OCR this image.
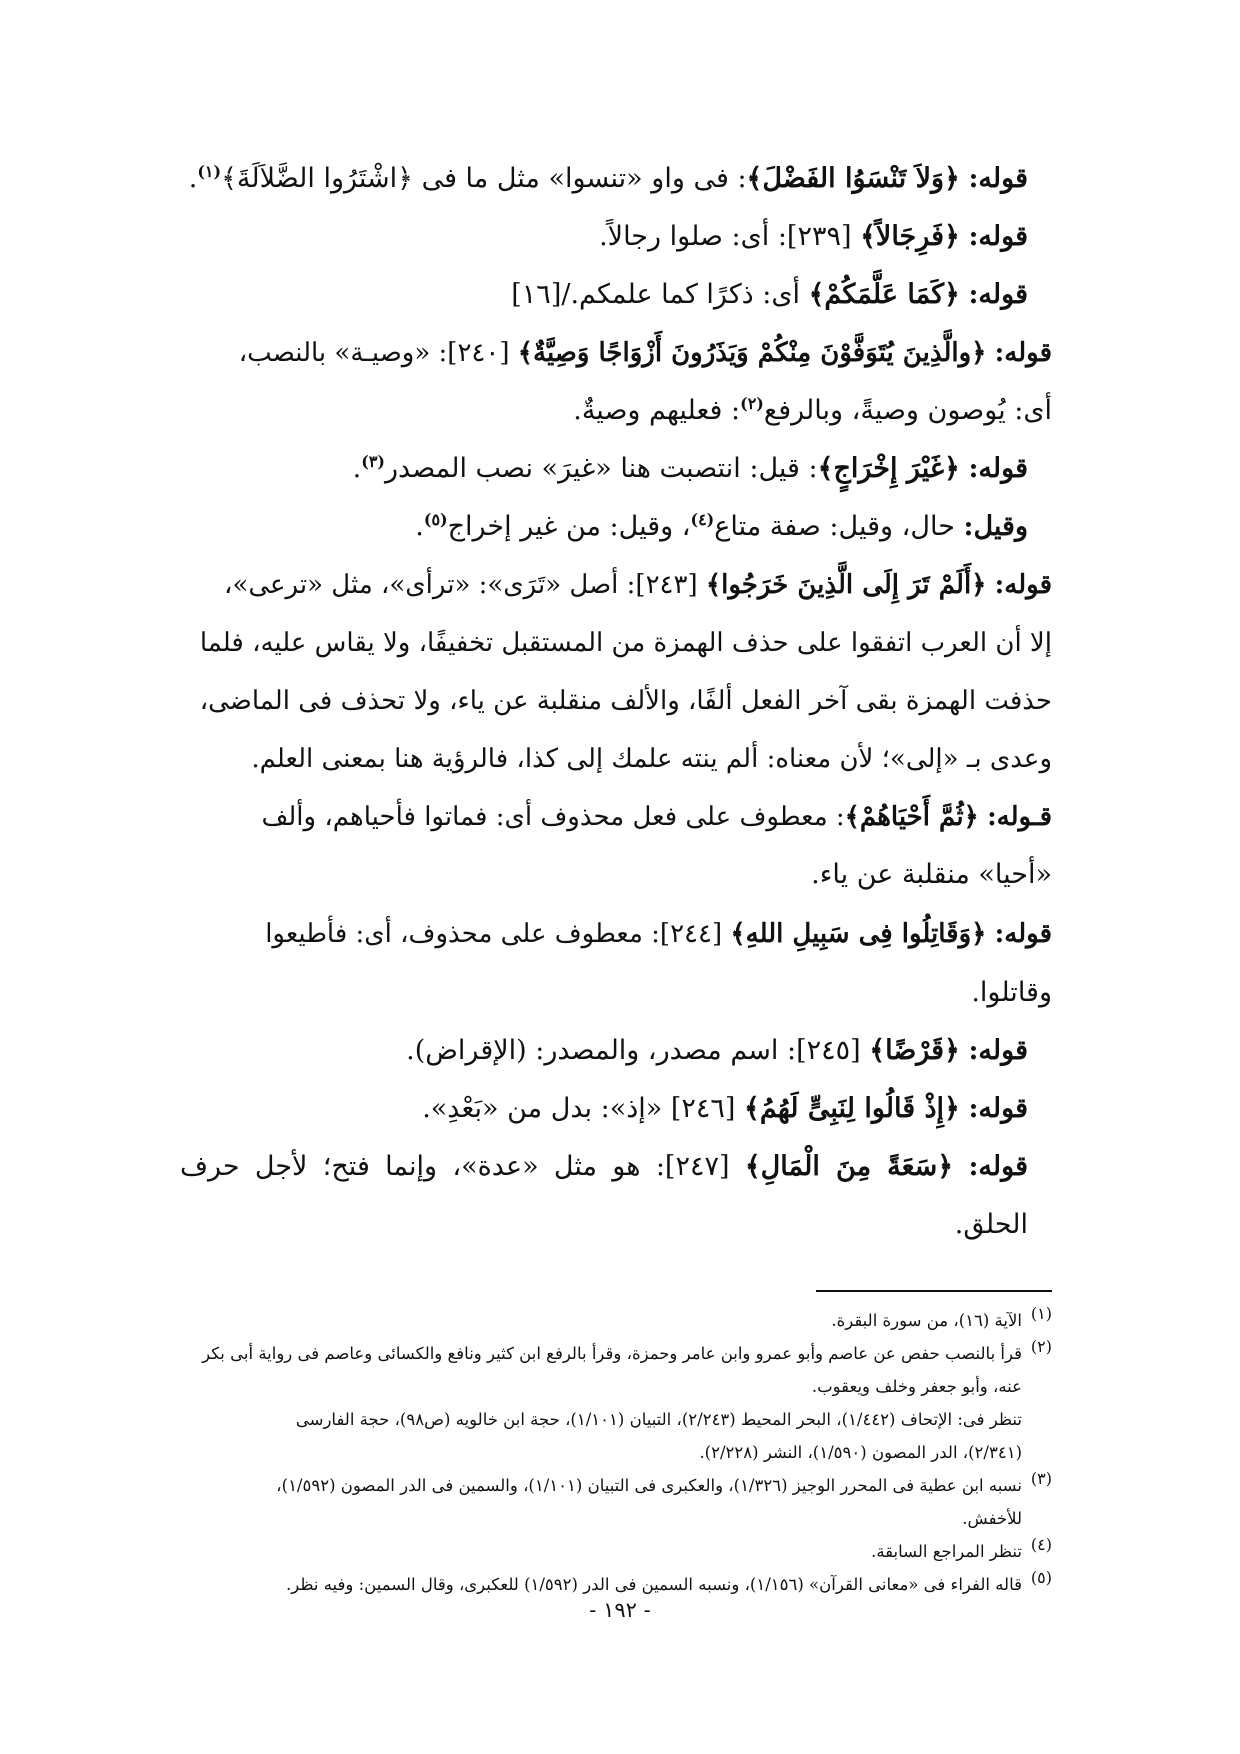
قوله: ﴿وَلاَ تَنْسَوُا الفَضْلَ﴾: فى واو «تنسوا» مثل ما فى ﴿اشْتَرُوا الضَّلاَلَةَ﴾$^{(١)}$.

قوله: ﴿فَرِجَالاً﴾ [٢٣٩]: أى: صلوا رجالاً.

قوله: ﴿كَمَا عَلَّمَكُمْ﴾ أى: ذكرًا كما علمكم./[١٦]

قوله: ﴿والَّذِينَ يُتَوَفَّوْنَ مِنْكُمْ وَيَذَرُونَ أَزْوَاجًا وَصِيَّةٌ﴾ [٢٤٠]: «وصيـة» بالنصب،

أى: يُوصون وصيةً، وبالرفع$^{(٢)}$: فعليهم وصيةٌ.

قوله: ﴿غَيْرَ إِخْرَاجٍ﴾: قيل: انتصبت هنا «غيرَ» نصب المصدر$^{(٣)}$.

وقيل: حال، وقيل: صفة متاع$^{(٤)}$، وقيل: من غير إخراج$^{(٥)}$.

قوله: ﴿أَلَمْ تَرَ إِلَى الَّذِينَ خَرَجُوا﴾ [٢٤٣]: أصل «تَرَى»: «ترأى»، مثل «ترعى»،

إلا أن العرب اتفقوا على حذف الهمزة من المستقبل تخفيفًا، ولا يقاس عليه، فلما

حذفت الهمزة بقى آخر الفعل ألفًا، والألف منقلبة عن ياء، ولا تحذف فى الماضى،

وعدى بـ «إلى»؛ لأن معناه: ألم ينته علمك إلى كذا، فالرؤية هنا بمعنى العلم.

قـوله: ﴿ثُمَّ أَحْيَاهُمْ﴾: معطوف على فعل محذوف أى: فماتوا فأحياهم، وألف

«أحيا» منقلبة عن ياء.

قوله: ﴿وَقَاتِلُوا فِى سَبِيلِ اللهِ﴾ [٢٤٤]: معطوف على محذوف، أى: فأطيعوا

وقاتلوا.

قوله: ﴿قَرْضًا﴾ [٢٤٥]: اسم مصدر، والمصدر: (الإقراض).

قوله: ﴿إِذْ قَالُوا لِنَبِىٍّ لَهُمُ﴾ [٢٤٦] «إذ»: بدل من «بَعْدِ».

قوله: ﴿سَعَةً مِنَ الْمَالِ﴾ [٢٤٧]: هو مثل «عدة»، وإنما فتح؛ لأجل حرف الحلق.

(١)

الآية (١٦)، من سورة البقرة.

(٢)

قرأ بالنصب حفص عن عاصم وأبو عمرو وابن عامر وحمزة، وقرأ بالرفع ابن كثير ونافع والكسائى وعاصم فى رواية أبى بكر

عنه، وأبو جعفر وخلف ويعقوب.

تنظر فى: الإتحاف (١/٤٤٢)، البحر المحيط (٢/٢٤٣)، التبيان (١/١٠١)، حجة ابن خالويه (ص٩٨)، حجة الفارسى

(٢/٣٤١)، الدر المصون (١/٥٩٠)، النشر (٢/٢٢٨).

(٣)

نسبه ابن عطية فى المحرر الوجيز (١/٣٢٦)، والعكبرى فى التبيان (١/١٠١)، والسمين فى الدر المصون (١/٥٩٢)،

للأخفش.

(٤)

تنظر المراجع السابقة.

(٥)

قاله الفراء فى «معانى القرآن» (١/١٥٦)، ونسبه السمين فى الدر (١/٥٩٢) للعكبرى، وقال السمين: وفيه نظر.

- ١٩٢ -
